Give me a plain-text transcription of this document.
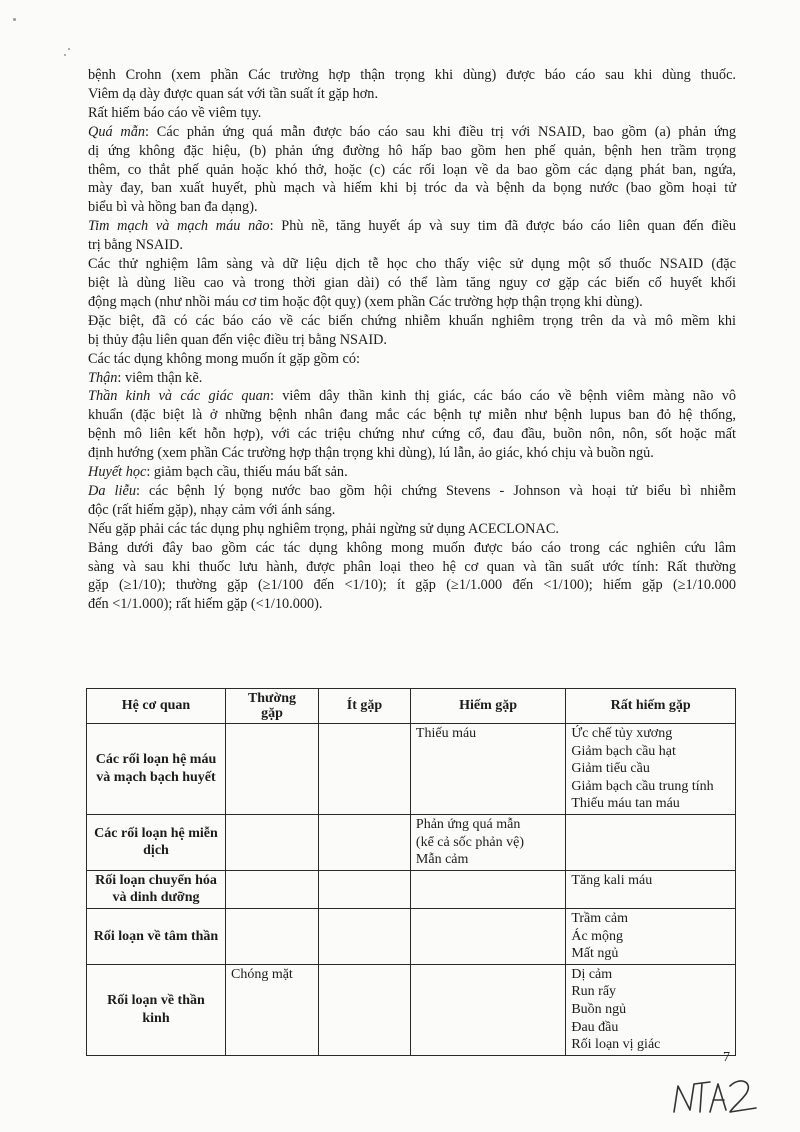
bệnh Crohn (xem phần Các trường hợp thận trọng khi dùng) được báo cáo sau khi dùng thuốc.

Viêm dạ dày được quan sát với tần suất ít gặp hơn.

Rất hiếm báo cáo về viêm tụy.

Quá mẫn: Các phản ứng quá mẫn được báo cáo sau khi điều trị với NSAID, bao gồm (a) phản ứng

dị ứng không đặc hiệu, (b) phản ứng đường hô hấp bao gồm hen phế quản, bệnh hen trầm trọng

thêm, co thắt phế quản hoặc khó thở, hoặc (c) các rối loạn về da bao gồm các dạng phát ban, ngứa,

mày đay, ban xuất huyết, phù mạch và hiếm khi bị tróc da và bệnh da bọng nước (bao gồm hoại tử

biểu bì và hồng ban đa dạng).

Tim mạch và mạch máu não: Phù nề, tăng huyết áp và suy tim đã được báo cáo liên quan đến điều

trị bằng NSAID.

Các thử nghiệm lâm sàng và dữ liệu dịch tễ học cho thấy việc sử dụng một số thuốc NSAID (đặc

biệt là dùng liều cao và trong thời gian dài) có thể làm tăng nguy cơ gặp các biến cố huyết khối

động mạch (như nhồi máu cơ tim hoặc đột quỵ) (xem phần Các trường hợp thận trọng khi dùng).

Đặc biệt, đã có các báo cáo về các biến chứng nhiễm khuẩn nghiêm trọng trên da và mô mềm khi

bị thủy đậu liên quan đến việc điều trị bằng NSAID.

Các tác dụng không mong muốn ít gặp gồm có:

Thận: viêm thận kẽ.

Thần kinh và các giác quan: viêm dây thần kinh thị giác, các báo cáo về bệnh viêm màng não vô

khuẩn (đặc biệt là ở những bệnh nhân đang mắc các bệnh tự miễn như bệnh lupus ban đỏ hệ thống,

bệnh mô liên kết hỗn hợp), với các triệu chứng như cứng cổ, đau đầu, buồn nôn, nôn, sốt hoặc mất

định hướng (xem phần Các trường hợp thận trọng khi dùng), lú lẫn, ảo giác, khó chịu và buồn ngủ.

Huyết học: giảm bạch cầu, thiếu máu bất sản.

Da liễu: các bệnh lý bọng nước bao gồm hội chứng Stevens - Johnson và hoại tử biểu bì nhiễm

độc (rất hiếm gặp), nhạy cảm với ánh sáng.

Nếu gặp phải các tác dụng phụ nghiêm trọng, phải ngừng sử dụng ACECLONAC.

Bảng dưới đây bao gồm các tác dụng không mong muốn được báo cáo trong các nghiên cứu lâm

sàng và sau khi thuốc lưu hành, được phân loại theo hệ cơ quan và tần suất ước tính: Rất thường

gặp (≥1/10); thường gặp (≥1/100 đến <1/10); ít gặp (≥1/1.000 đến <1/100); hiếm gặp (≥1/10.000

đến <1/1.000); rất hiếm gặp (<1/10.000).

Hệ cơ quan	Thường gặp	Ít gặp	Hiếm gặp	Rất hiếm gặp
Các rối loạn hệ máu và mạch bạch huyết			Thiếu máu	Ức chế tủy xương
Giảm bạch cầu hạt
Giảm tiểu cầu
Giảm bạch cầu trung tính
Thiếu máu tan máu

Các rối loạn hệ miễn dịch			Phản ứng quá mẫn
(kể cả sốc phản vệ)
Mẫn cảm	

Rối loạn chuyển hóa và dinh dưỡng				Tăng kali máu

Rối loạn về tâm thần				Trầm cảm
Ác mộng
Mất ngủ

Rối loạn về thần kinh	Chóng mặt			Dị cảm
Run rẩy
Buồn ngủ
Đau đầu
Rối loạn vị giác
7
